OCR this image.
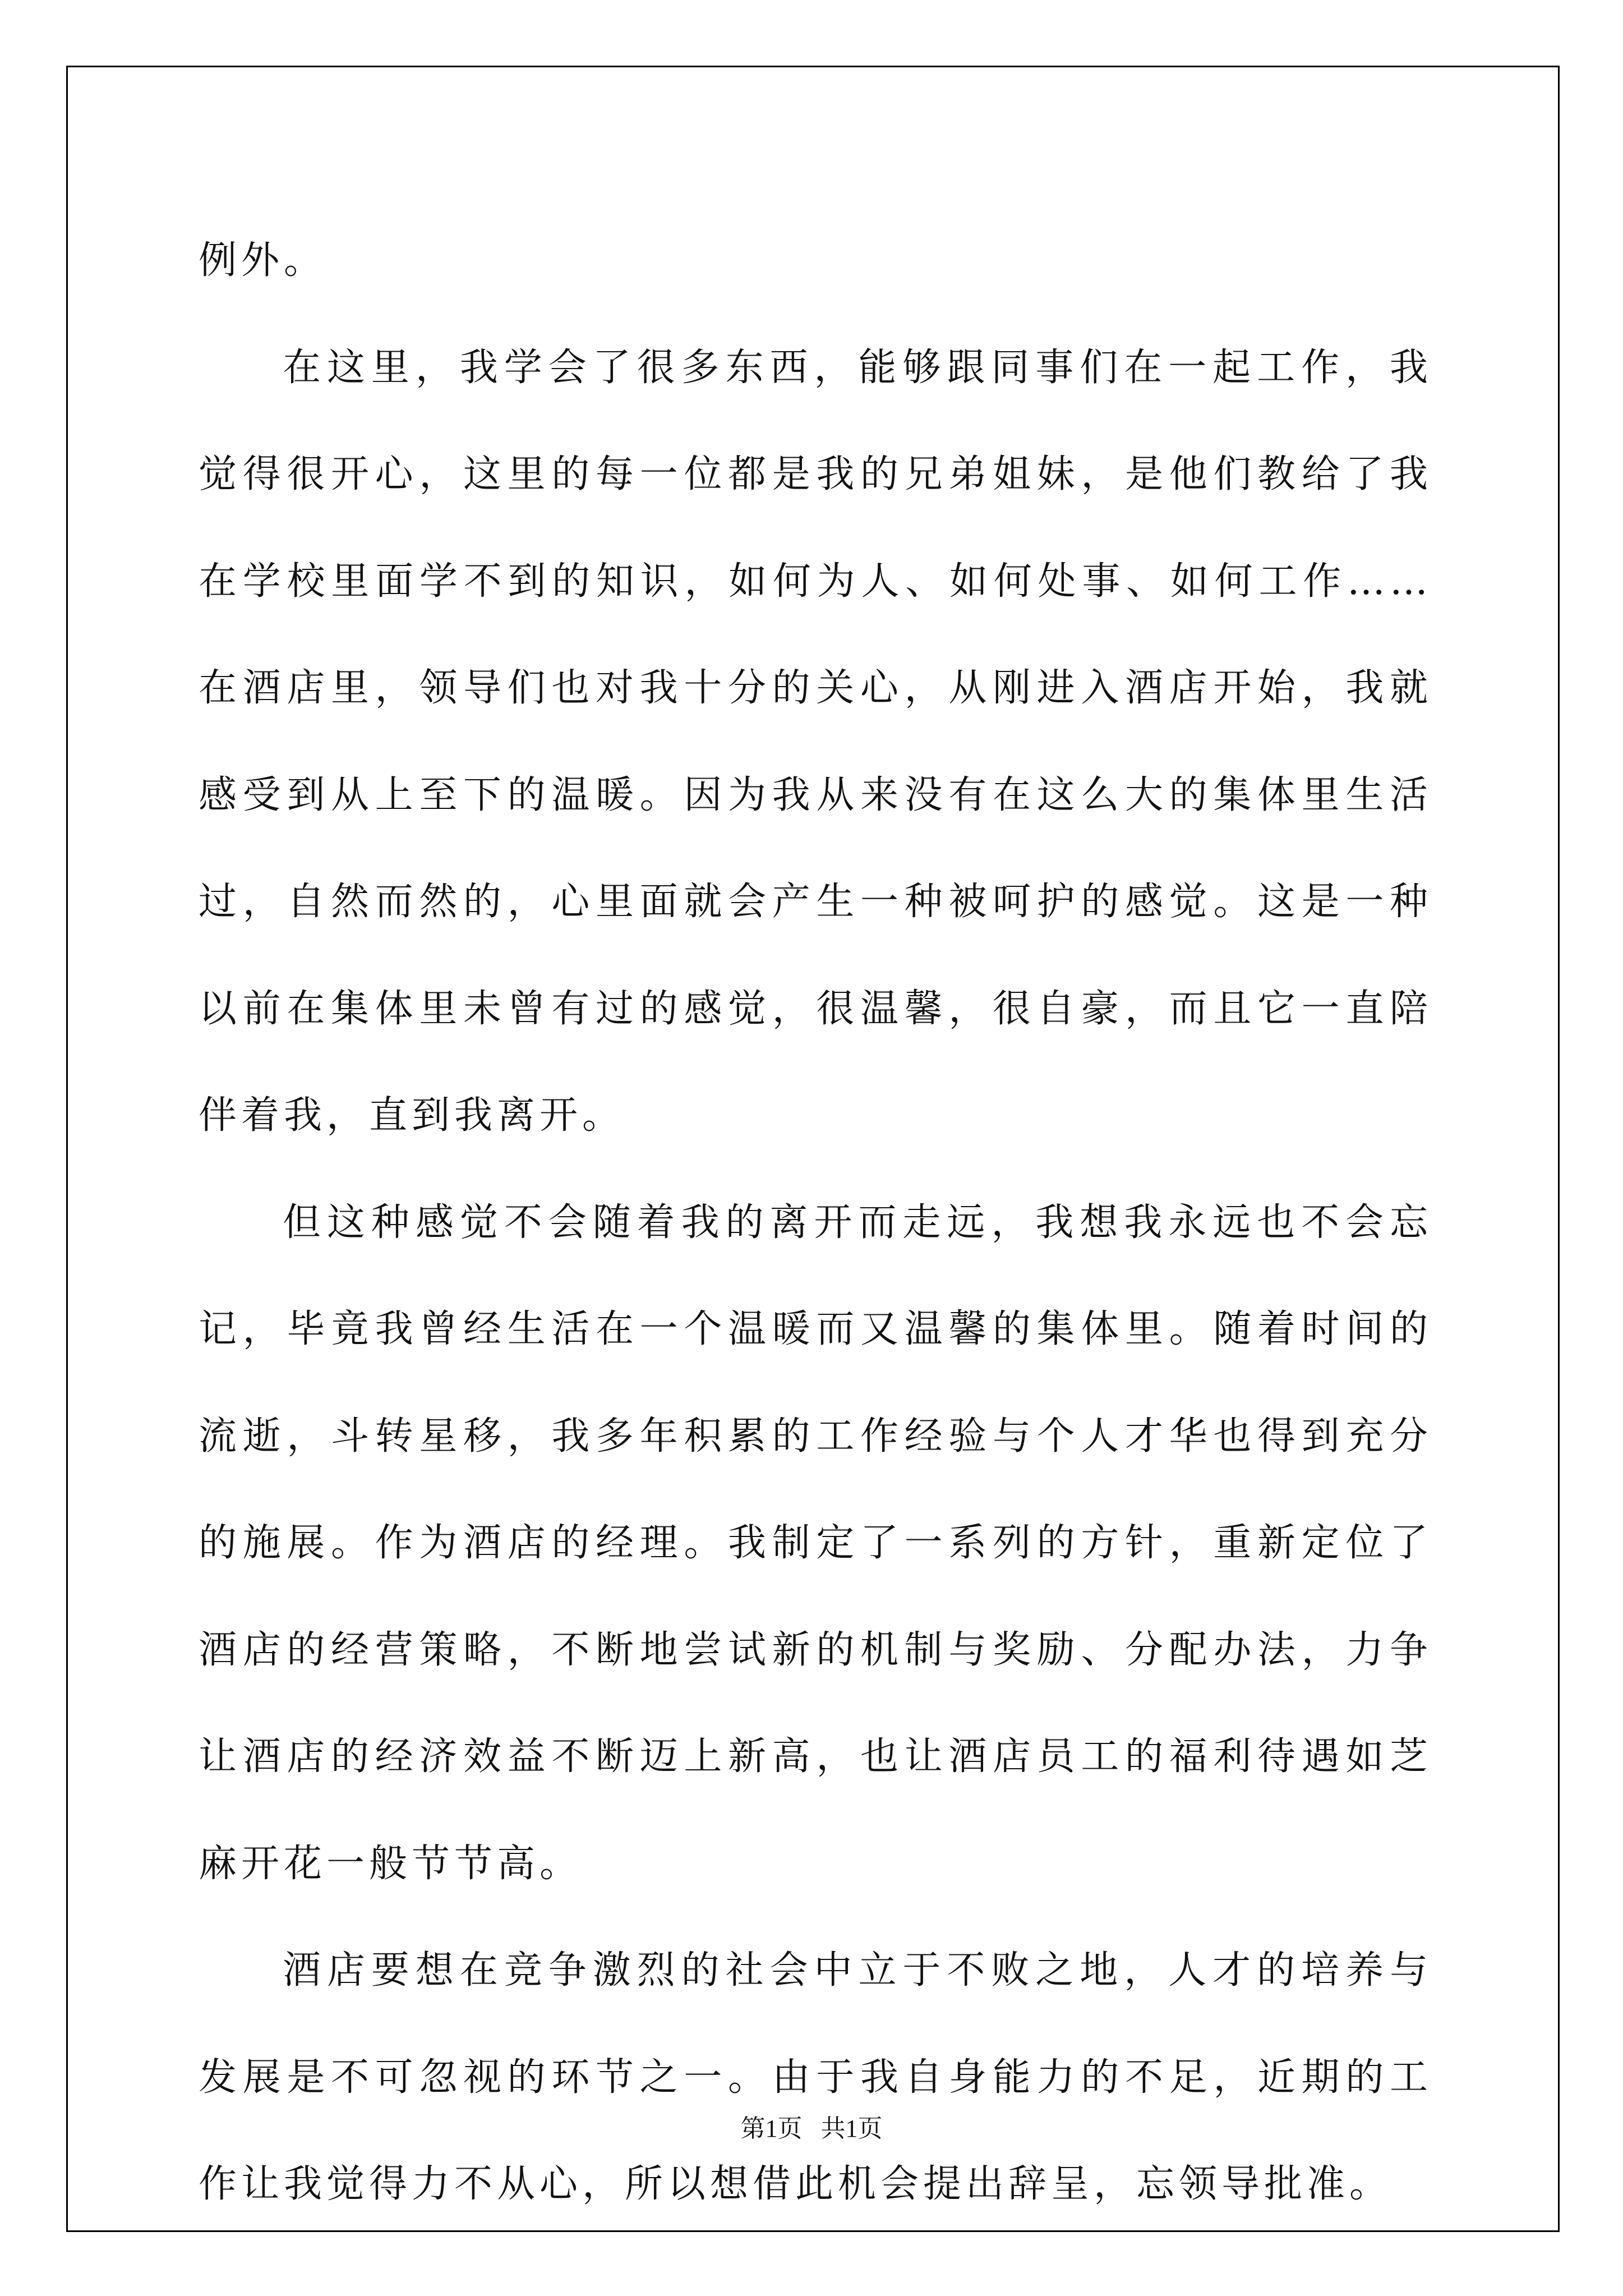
例外。

在这里，我学会了很多东西，能够跟同事们在一起工作，我觉得很开心，这里的每一位都是我的兄弟姐妹，是他们教给了我在学校里面学不到的知识，如何为人、如何处事、如何工作……在酒店里，领导们也对我十分的关心，从刚进入酒店开始，我就感受到从上至下的温暖。因为我从来没有在这么大的集体里生活过，自然而然的，心里面就会产生一种被呵护的感觉。这是一种以前在集体里未曾有过的感觉，很温馨，很自豪，而且它一直陪伴着我，直到我离开。

但这种感觉不会随着我的离开而走远，我想我永远也不会忘记，毕竟我曾经生活在一个温暖而又温馨的集体里。随着时间的流逝，斗转星移，我多年积累的工作经验与个人才华也得到充分的施展。作为酒店的经理。我制定了一系列的方针，重新定位了酒店的经营策略，不断地尝试新的机制与奖励、分配办法，力争让酒店的经济效益不断迈上新高，也让酒店员工的福利待遇如芝麻开花一般节节高。

酒店要想在竞争激烈的社会中立于不败之地，人才的培养与发展是不可忽视的环节之一。由于我自身能力的不足，近期的工作让我觉得力不从心，所以想借此机会提出辞呈，忘领导批准。

第1页   共1页
